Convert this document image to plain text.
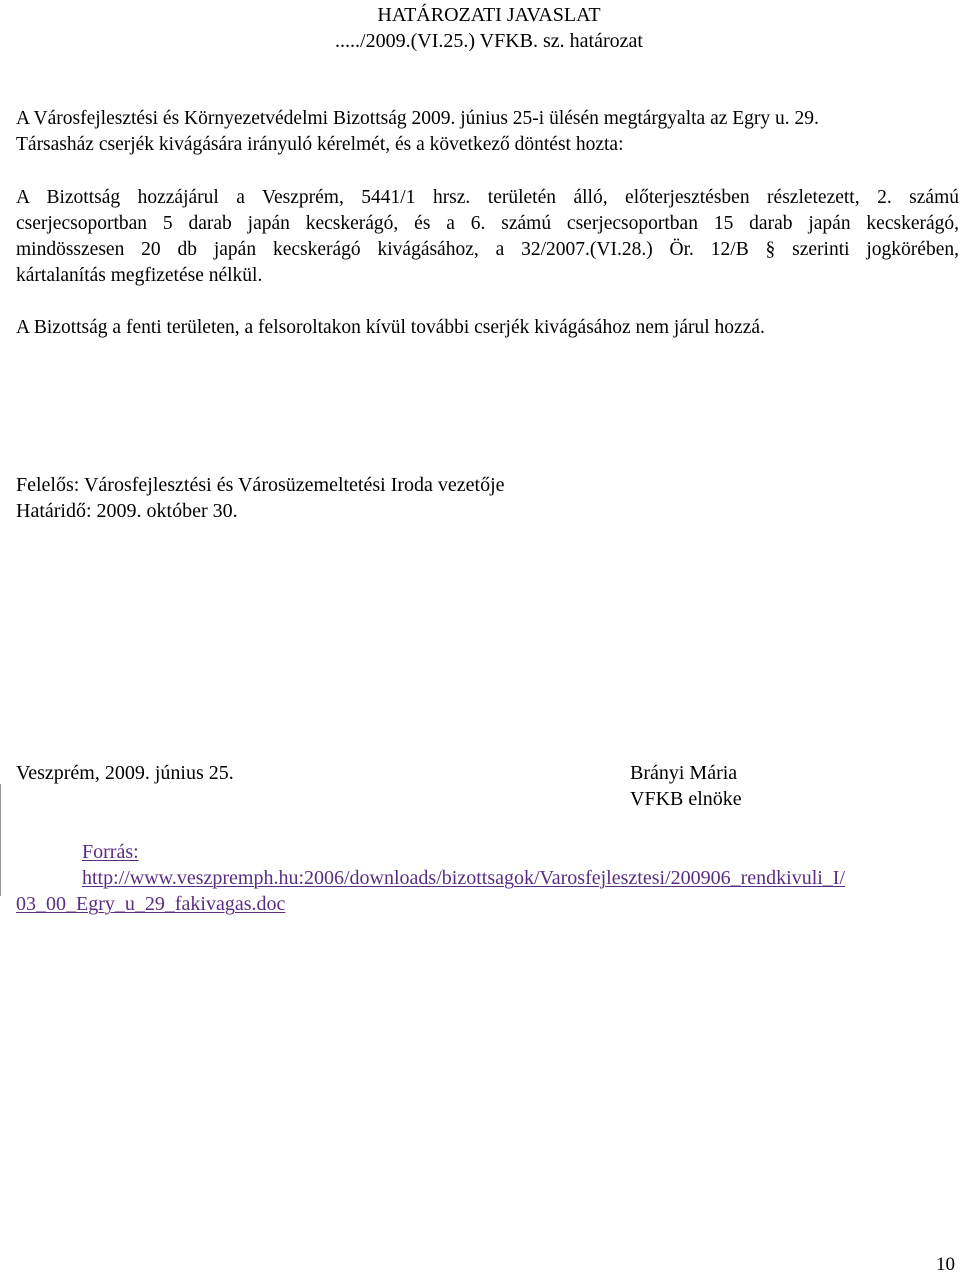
HATÁROZATI JAVASLAT

...../2009.(VI.25.) VFKB. sz. határozat

A Városfejlesztési és Környezetvédelmi Bizottság 2009. június 25-i ülésén megtárgyalta az Egry u. 29.

Társasház cserjék kivágására irányuló kérelmét, és a következő döntést hozta:

A Bizottság hozzájárul a Veszprém, 5441/1 hrsz. területén álló, előterjesztésben részletezett, 2. számú

cserjecsoportban 5 darab japán kecskerágó, és a 6. számú cserjecsoportban 15 darab japán kecskerágó,

mindösszesen 20 db japán kecskerágó kivágásához, a 32/2007.(VI.28.) Ör. 12/B § szerinti jogkörében,

kártalanítás megfizetése nélkül.

A Bizottság a fenti területen, a felsoroltakon kívül további cserjék kivágásához nem járul hozzá.

Felelős: Városfejlesztési és Városüzemeltetési Iroda vezetője

Határidő: 2009. október 30.

Veszprém, 2009. június 25.	Brányi Mária

VFKB elnöke

Forrás:
http://www.veszpremph.hu:2006/downloads/bizottsagok/Varosfejlesztesi/200906_rendkivuli_I/
03_00_Egry_u_29_fakivagas.doc
10
